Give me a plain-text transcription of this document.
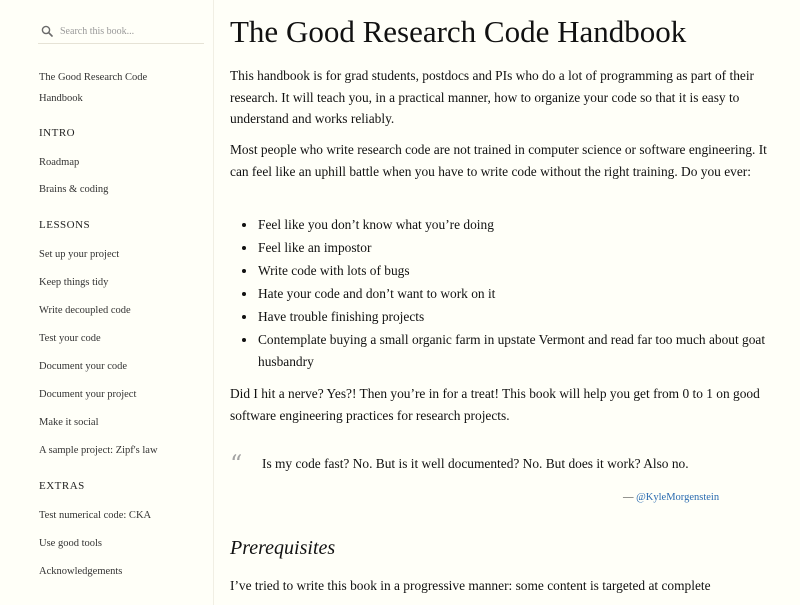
Search this book...
The Good Research Code Handbook
INTRO
Roadmap
Brains & coding
LESSONS
Set up your project
Keep things tidy
Write decoupled code
Test your code
Document your code
Document your project
Make it social
A sample project: Zipf's law
EXTRAS
Test numerical code: CKA
Use good tools
Acknowledgements
The Good Research Code Handbook

This handbook is for grad students, postdocs and PIs who do a lot of programming as part of their research. It will teach you, in a practical manner, how to organize your code so that it is easy to understand and works reliably.

Most people who write research code are not trained in computer science or software engineering. It can feel like an uphill battle when you have to write code without the right training. Do you ever:

• Feel like you don’t know what you’re doing
• Feel like an impostor
• Write code with lots of bugs
• Hate your code and don’t want to work on it
• Have trouble finishing projects
• Contemplate buying a small organic farm in upstate Vermont and read far too much about goat husbandry

Did I hit a nerve? Yes?! Then you’re in for a treat! This book will help you get from 0 to 1 on good software engineering practices for research projects.

“ Is my code fast? No. But is it well documented? No. But does it work? Also no.
— @KyleMorgenstein
Prerequisites

I’ve tried to write this book in a progressive manner: some content is targeted at complete
